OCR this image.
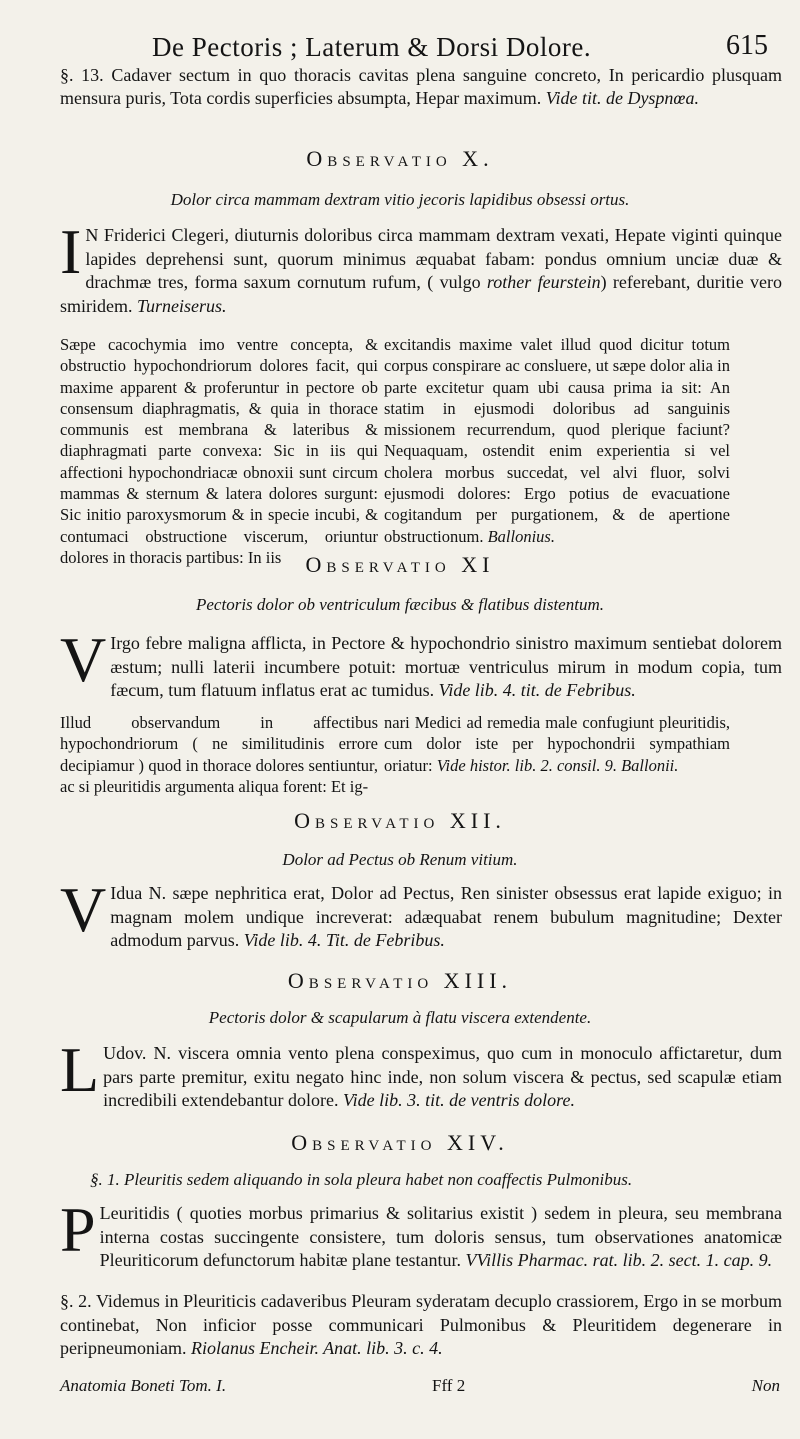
De Pectoris ; Laterum & Dorsi Dolore.	615
§. 13. Cadaver sectum in quo thoracis cavitas plena sanguine concreto, In pericardio plusquam mensura puris, Tota cordis superficies absumpta, Hepar maximum. Vide tit. de Dyspnœa.
Observatio X.
Dolor circa mammam dextram vitio jecoris lapidibus obsessi ortus.
I N Friderici Clegeri, diuturnis doloribus circa mammam dextram vexati, Hepate viginti quinque lapides deprehensi sunt, quorum minimus æquabat fabam: pondus omnium unciæ duæ & drachmæ tres, forma saxum cornutum rufum, ( vulgo rother feurstein) referebant, duritie vero smiridem. Turneiserus.
Sæpe cacochymia imo ventre concepta, & obstructio hypochondriorum dolores facit, qui maxime apparent & proferuntur in pectore ob consensum diaphragmatis, & quia in thorace communis est membrana & lateribus & diaphragmati parte convexa: Sic in iis qui affectioni hypochondriacæ obnoxii sunt circum mammas & sternum & latera dolores surgunt: Sic initio paroxysmorum & in specie incubi, & contumaci obstructione viscerum, oriuntur dolores in thoracis partibus: In iis
excitandis maxime valet illud quod dicitur totum corpus conspirare ac consluere, ut sæpe dolor alia in parte excitetur quam ubi causa prima ia sit: An statim in ejusmodi doloribus ad sanguinis missionem recurrendum, quod plerique faciunt? Nequaquam, ostendit enim experientia si vel cholera morbus succedat, vel alvi fluor, solvi ejusmodi dolores: Ergo potius de evacuatione cogitandum per purgationem, & de apertione obstructionum. Ballonius.
Observatio XI
Pectoris dolor ob ventriculum fæcibus & flatibus distentum.
V Irgo febre maligna afflicta, in Pectore & hypochondrio sinistro maximum sentiebat dolorem æstum; nulli laterii incumbere potuit: mortuæ ventriculus mirum in modum copia, tum fæcum, tum flatuum inflatus erat ac tumidus. Vide lib. 4. tit. de Febribus.
Illud observandum in affectibus hypochondriorum ( ne similitudinis errore decipiamur ) quod in thorace dolores sentiuntur, ac si pleuritidis argumenta aliqua forent: Et ig-
nari Medici ad remedia male confugiunt pleuritidis, cum dolor iste per hypochondrii sympathiam oriatur: Vide histor. lib. 2. consil. 9. Ballonii.
Observatio XII.
Dolor ad Pectus ob Renum vitium.
V Idua N. sæpe nephritica erat, Dolor ad Pectus, Ren sinister obsessus erat lapide exiguo; in magnam molem undique increverat: adæquabat renem bubulum magnitudine; Dexter admodum parvus. Vide lib. 4. Tit. de Febribus.
Observatio XIII.
Pectoris dolor & scapularum à flatu viscera extendente.
L Udov. N. viscera omnia vento plena conspeximus, quo cum in monoculo affictaretur, dum pars parte premitur, exitu negato hinc inde, non solum viscera & pectus, sed scapulæ etiam incredibili extendebantur dolore. Vide lib. 3. tit. de ventris dolore.
Observatio XIV.
§. 1. Pleuritis sedem aliquando in sola pleura habet non coaffectis Pulmonibus.
P Leuritidis ( quoties morbus primarius & solitarius existit ) sedem in pleura, seu membrana interna costas succingente consistere, tum doloris sensus, tum observationes anatomicæ Pleuriticorum defunctorum habitæ plane testantur. VVillis Pharmac. rat. lib. 2. sect. 1. cap. 9.
§. 2. Videmus in Pleuriticis cadaveribus Pleuram syderatam decuplo crassiorem, Ergo in se morbum continebat, Non inficior posse communicari Pulmonibus & Pleuritidem degenerare in peripneumoniam. Riolanus Encheir. Anat. lib. 3. c. 4.
Anatomia Boneti Tom. I.	Fff 2	Non
